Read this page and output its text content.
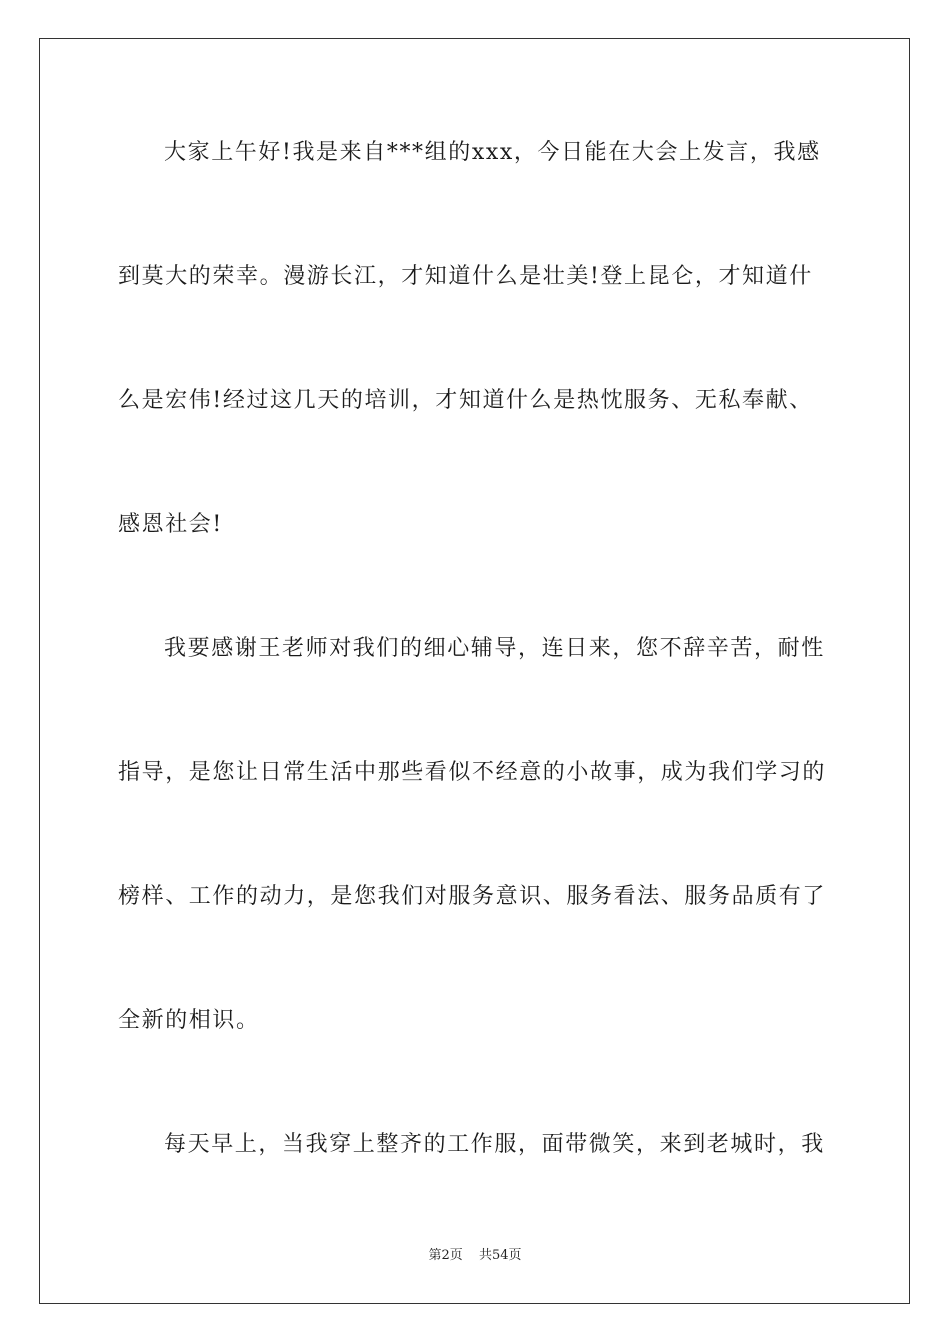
大家上午好!我是来自***组的xxx，今日能在大会上发言，我感
到莫大的荣幸。漫游长江，才知道什么是壮美!登上昆仑，才知道什
么是宏伟!经过这几天的培训，才知道什么是热忱服务、无私奉献、
感恩社会!
我要感谢王老师对我们的细心辅导，连日来，您不辞辛苦，耐性
指导，是您让日常生活中那些看似不经意的小故事，成为我们学习的
榜样、工作的动力，是您我们对服务意识、服务看法、服务品质有了
全新的相识。
每天早上，当我穿上整齐的工作服，面带微笑，来到老城时，我
第2页 共54页
